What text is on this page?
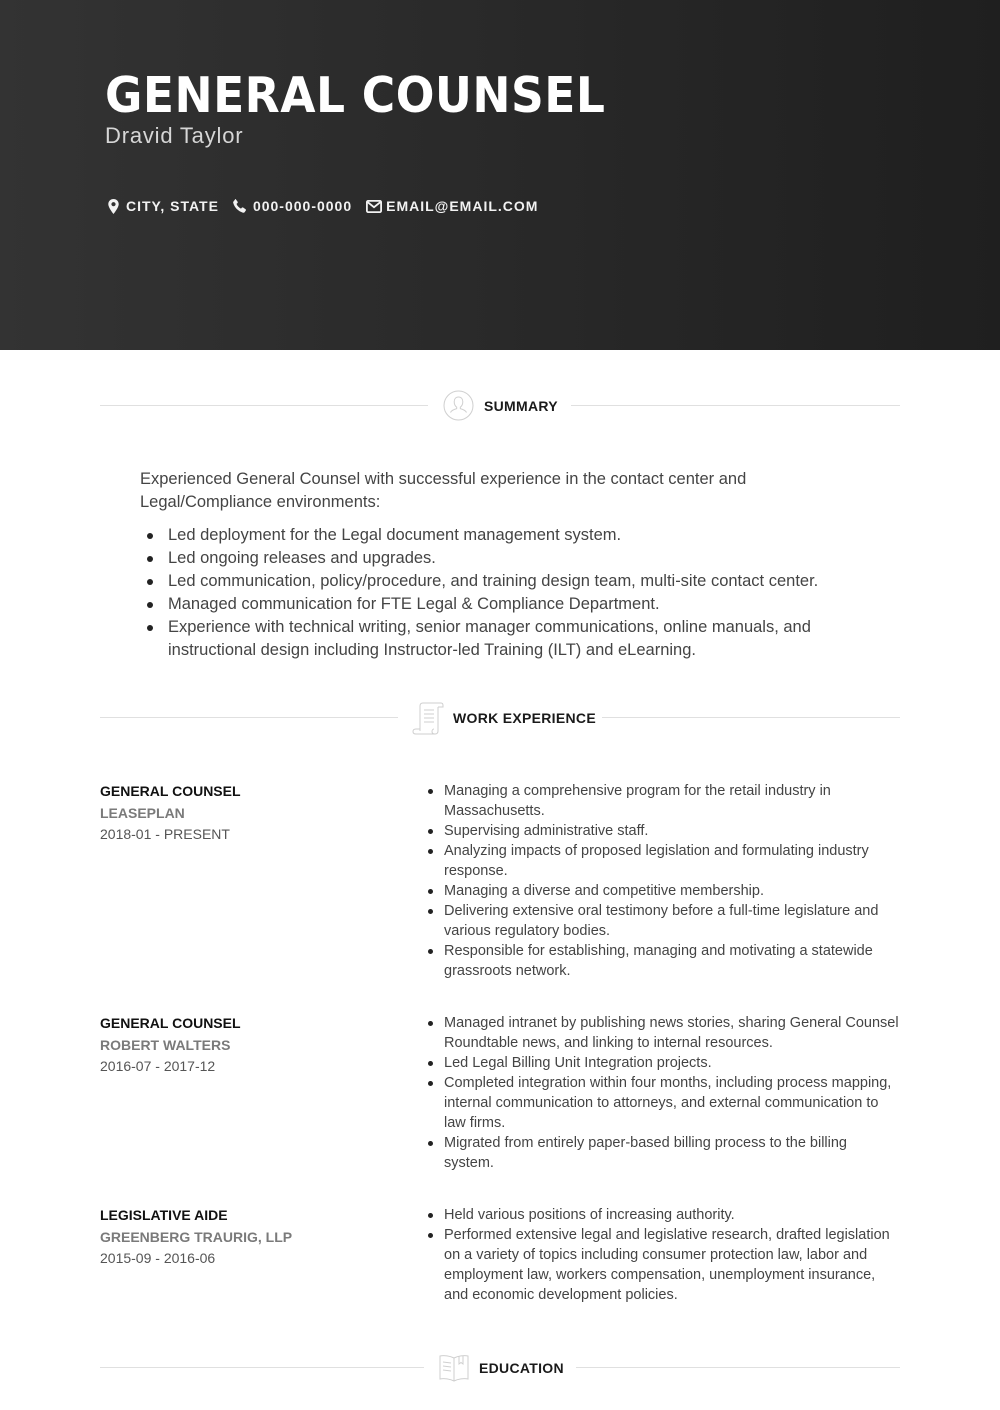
GENERAL COUNSEL
Dravid Taylor
CITY, STATE 000-000-0000 EMAIL@EMAIL.COM
SUMMARY
Experienced General Counsel with successful experience in the contact center and Legal/Compliance environments:
Led deployment for the Legal document management system.
Led ongoing releases and upgrades.
Led communication, policy/procedure, and training design team, multi-site contact center.
Managed communication for FTE Legal & Compliance Department.
Experience with technical writing, senior manager communications, online manuals, and instructional design including Instructor-led Training (ILT) and eLearning.
WORK EXPERIENCE
GENERAL COUNSEL
LEASEPLAN
2018-01 - PRESENT
Managing a comprehensive program for the retail industry in Massachusetts.
Supervising administrative staff.
Analyzing impacts of proposed legislation and formulating industry response.
Managing a diverse and competitive membership.
Delivering extensive oral testimony before a full-time legislature and various regulatory bodies.
Responsible for establishing, managing and motivating a statewide grassroots network.
GENERAL COUNSEL
ROBERT WALTERS
2016-07 - 2017-12
Managed intranet by publishing news stories, sharing General Counsel Roundtable news, and linking to internal resources.
Led Legal Billing Unit Integration projects.
Completed integration within four months, including process mapping, internal communication to attorneys, and external communication to law firms.
Migrated from entirely paper-based billing process to the billing system.
LEGISLATIVE AIDE
GREENBERG TRAURIG, LLP
2015-09 - 2016-06
Held various positions of increasing authority.
Performed extensive legal and legislative research, drafted legislation on a variety of topics including consumer protection law, labor and employment law, workers compensation, unemployment insurance, and economic development policies.
EDUCATION
